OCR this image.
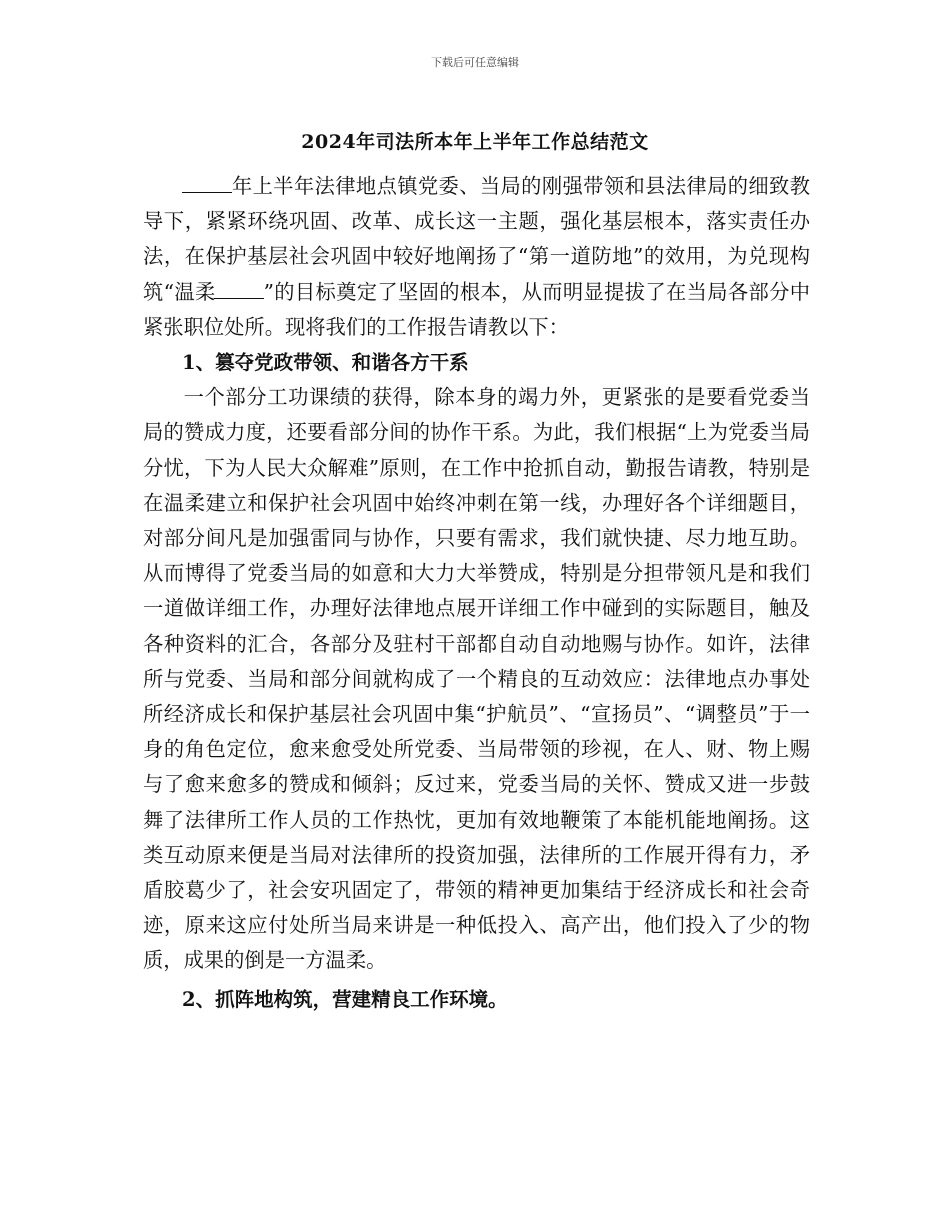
下载后可任意编辑
2024年司法所本年上半年工作总结范文

年上半年法律地点镇党委、当局的刚强带领和县法律局的细致教导下，紧紧环绕巩固、改革、成长这一主题，强化基层根本，落实责任办法，在保护基层社会巩固中较好地阐扬了“第一道防地”的效用，为兑现构筑“温柔 ”的目标奠定了坚固的根本，从而明显提拔了在当局各部分中紧张职位处所。现将我们的工作报告请教以下：

1、篡夺党政带领、和谐各方干系

一个部分工功课绩的获得，除本身的竭力外，更紧张的是要看党委当局的赞成力度，还要看部分间的协作干系。为此，我们根据“上为党委当局分忧，下为人民大众解难”原则，在工作中抢抓自动，勤报告请教，特别是在温柔建立和保护社会巩固中始终冲刺在第一线，办理好各个详细题目，对部分间凡是加强雷同与协作，只要有需求，我们就快捷、尽力地互助。从而博得了党委当局的如意和大力大举赞成，特别是分担带领凡是和我们一道做详细工作，办理好法律地点展开详细工作中碰到的实际题目，触及各种资料的汇合，各部分及驻村干部都自动自动地赐与协作。如许，法律所与党委、当局和部分间就构成了一个精良的互动效应：法律地点办事处所经济成长和保护基层社会巩固中集“护航员”、“宣扬员”、“调整员”于一身的角色定位，愈来愈受处所党委、当局带领的珍视，在人、财、物上赐与了愈来愈多的赞成和倾斜；反过来，党委当局的关怀、赞成又进一步鼓舞了法律所工作人员的工作热忱，更加有效地鞭策了本能机能地阐扬。这类互动原来便是当局对法律所的投资加强，法律所的工作展开得有力，矛盾胶葛少了，社会安巩固定了，带领的精神更加集结于经济成长和社会奇迹，原来这应付处所当局来讲是一种低投入、高产出，他们投入了少的物质，成果的倒是一方温柔。

2、抓阵地构筑，营建精良工作环境。
